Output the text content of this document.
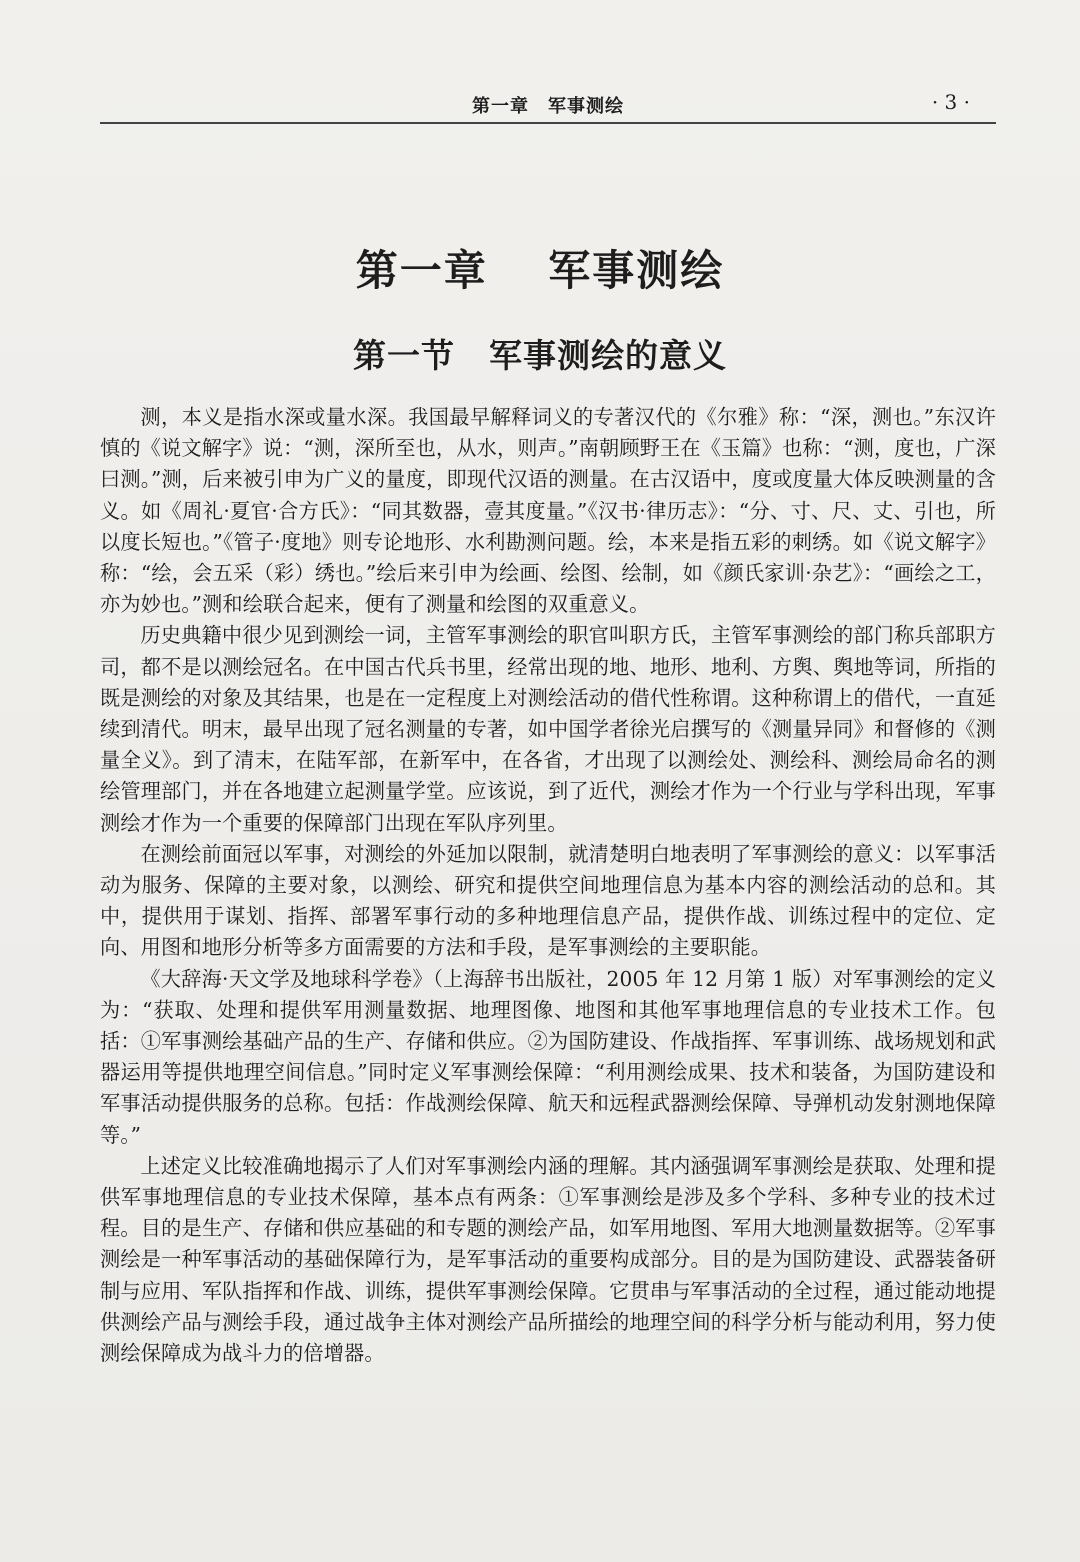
第一章　军事测绘	· 3 ·
第一章　 军事测绘
第一节　军事测绘的意义

测，本义是指水深或量水深。我国最早解释词义的专著汉代的《尔雅》称：“深，测也。”东汉许慎的《说文解字》说：“测，深所至也，从水，则声。”南朝顾野王在《玉篇》也称：“测，度也，广深曰测。”测，后来被引申为广义的量度，即现代汉语的测量。在古汉语中，度或度量大体反映测量的含义。如《周礼·夏官·合方氏》：“同其数器，壹其度量。”《汉书·律历志》：“分、寸、尺、丈、引也，所以度长短也。”《管子·度地》则专论地形、水利勘测问题。绘，本来是指五彩的刺绣。如《说文解字》称：“绘，会五采（彩）绣也。”绘后来引申为绘画、绘图、绘制，如《颜氏家训·杂艺》：“画绘之工，亦为妙也。”测和绘联合起来，便有了测量和绘图的双重意义。

历史典籍中很少见到测绘一词，主管军事测绘的职官叫职方氏，主管军事测绘的部门称兵部职方司，都不是以测绘冠名。在中国古代兵书里，经常出现的地、地形、地利、方舆、舆地等词，所指的既是测绘的对象及其结果，也是在一定程度上对测绘活动的借代性称谓。这种称谓上的借代，一直延续到清代。明末，最早出现了冠名测量的专著，如中国学者徐光启撰写的《测量异同》和督修的《测量全义》。到了清末，在陆军部，在新军中，在各省，才出现了以测绘处、测绘科、测绘局命名的测绘管理部门，并在各地建立起测量学堂。应该说，到了近代，测绘才作为一个行业与学科出现，军事测绘才作为一个重要的保障部门出现在军队序列里。

在测绘前面冠以军事，对测绘的外延加以限制，就清楚明白地表明了军事测绘的意义：以军事活动为服务、保障的主要对象，以测绘、研究和提供空间地理信息为基本内容的测绘活动的总和。其中，提供用于谋划、指挥、部署军事行动的多种地理信息产品，提供作战、训练过程中的定位、定向、用图和地形分析等多方面需要的方法和手段，是军事测绘的主要职能。

《大辞海·天文学及地球科学卷》（上海辞书出版社，2005 年 12 月第 1 版）对军事测绘的定义为：“获取、处理和提供军用测量数据、地理图像、地图和其他军事地理信息的专业技术工作。包括：①军事测绘基础产品的生产、存储和供应。②为国防建设、作战指挥、军事训练、战场规划和武器运用等提供地理空间信息。”同时定义军事测绘保障：“利用测绘成果、技术和装备，为国防建设和军事活动提供服务的总称。包括：作战测绘保障、航天和远程武器测绘保障、导弹机动发射测地保障等。”

上述定义比较准确地揭示了人们对军事测绘内涵的理解。其内涵强调军事测绘是获取、处理和提供军事地理信息的专业技术保障，基本点有两条：①军事测绘是涉及多个学科、多种专业的技术过程。目的是生产、存储和供应基础的和专题的测绘产品，如军用地图、军用大地测量数据等。②军事测绘是一种军事活动的基础保障行为，是军事活动的重要构成部分。目的是为国防建设、武器装备研制与应用、军队指挥和作战、训练，提供军事测绘保障。它贯串与军事活动的全过程，通过能动地提供测绘产品与测绘手段，通过战争主体对测绘产品所描绘的地理空间的科学分析与能动利用，努力使测绘保障成为战斗力的倍增器。
